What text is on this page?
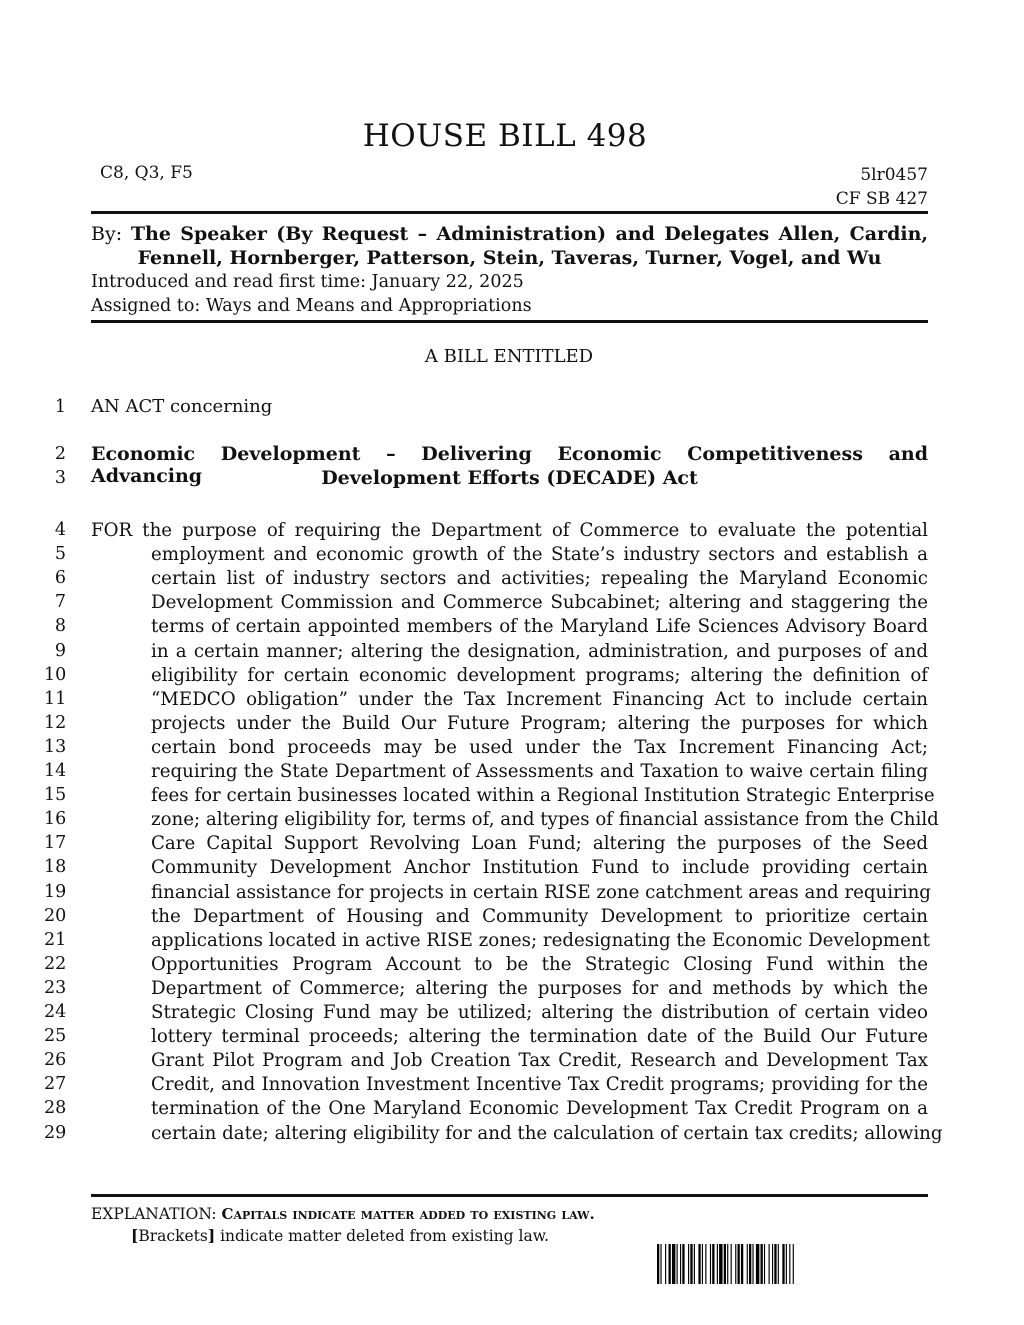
HOUSE BILL 498
C8, Q3, F5	5lr0457
CF SB 427
By: The Speaker (By Request – Administration) and Delegates Allen, Cardin,
Fennell, Hornberger, Patterson, Stein, Taveras, Turner, Vogel, and Wu
Introduced and read first time: January 22, 2025
Assigned to: Ways and Means and Appropriations
A BILL ENTITLED
1 AN ACT concerning
2 Economic Development – Delivering Economic Competitiveness and Advancing
3	Development Efforts (DECADE) Act
4 FOR the purpose of requiring the Department of Commerce to evaluate the potential
5	employment and economic growth of the State’s industry sectors and establish a
6	certain list of industry sectors and activities; repealing the Maryland Economic
7	Development Commission and Commerce Subcabinet; altering and staggering the
8	terms of certain appointed members of the Maryland Life Sciences Advisory Board
9	in a certain manner; altering the designation, administration, and purposes of and
10	eligibility for certain economic development programs; altering the definition of
11	“MEDCO obligation” under the Tax Increment Financing Act to include certain
12	projects under the Build Our Future Program; altering the purposes for which
13	certain bond proceeds may be used under the Tax Increment Financing Act;
14	requiring the State Department of Assessments and Taxation to waive certain filing
15	fees for certain businesses located within a Regional Institution Strategic Enterprise
16	zone; altering eligibility for, terms of, and types of financial assistance from the Child
17	Care Capital Support Revolving Loan Fund; altering the purposes of the Seed
18	Community Development Anchor Institution Fund to include providing certain
19	financial assistance for projects in certain RISE zone catchment areas and requiring
20	the Department of Housing and Community Development to prioritize certain
21	applications located in active RISE zones; redesignating the Economic Development
22	Opportunities Program Account to be the Strategic Closing Fund within the
23	Department of Commerce; altering the purposes for and methods by which the
24	Strategic Closing Fund may be utilized; altering the distribution of certain video
25	lottery terminal proceeds; altering the termination date of the Build Our Future
26	Grant Pilot Program and Job Creation Tax Credit, Research and Development Tax
27	Credit, and Innovation Investment Incentive Tax Credit programs; providing for the
28	termination of the One Maryland Economic Development Tax Credit Program on a
29	certain date; altering eligibility for and the calculation of certain tax credits; allowing
EXPLANATION: Capitals indicate matter added to existing law.
[Brackets] indicate matter deleted from existing law.
